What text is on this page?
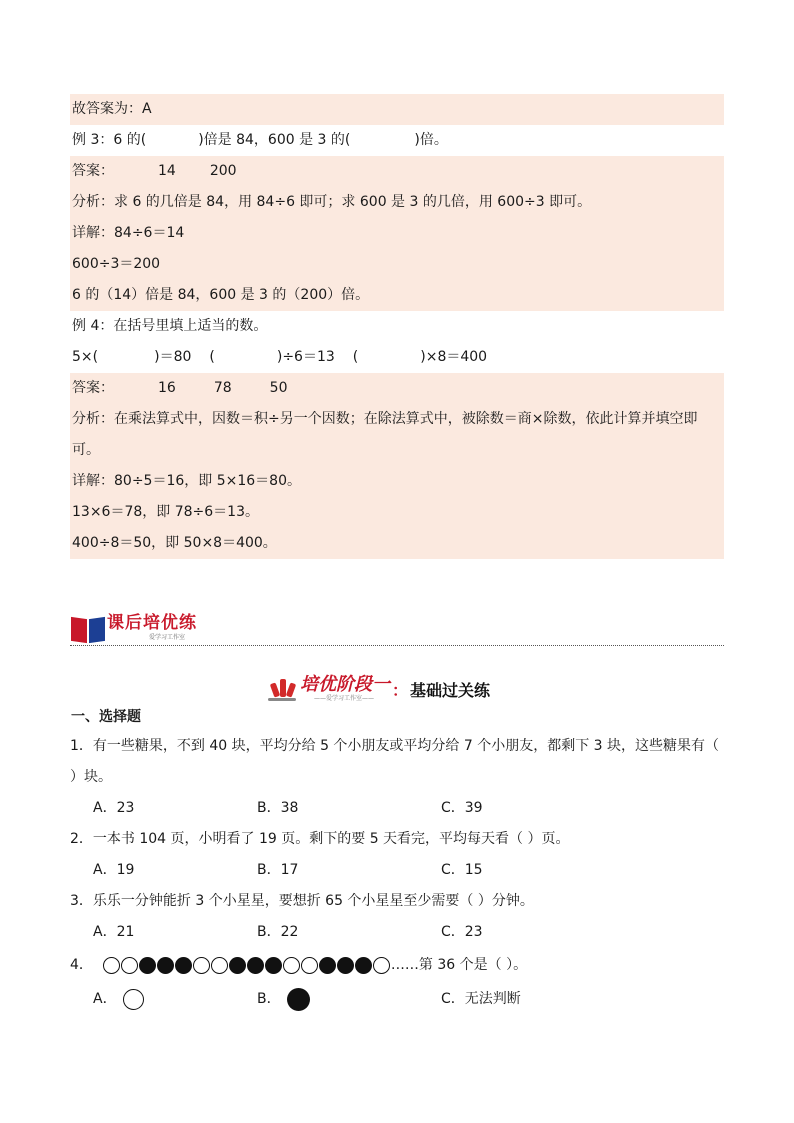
故答案为：A
例 3：6 的(	)倍是 84，600 是 3 的(	)倍。
答案：	14 200
分析：求 6 的几倍是 84，用 84÷6 即可；求 600 是 3 的几倍，用 600÷3 即可。
详解：84÷6＝14
600÷3＝200
6 的（14）倍是 84，600 是 3 的（200）倍。
例 4：在括号里填上适当的数。
5×(	)＝80 (	)÷6＝13 (	)×8＝400
答案：	16	78	50
分析：在乘法算式中，因数＝积÷另一个因数；在除法算式中，被除数＝商×除数，依此计算并填空即可。
详解：80÷5＝16，即 5×16＝80。
13×6＝78，即 78÷6＝13。
400÷8＝50，即 50×8＝400。
课后培优练
爱学习工作室
培优阶段一
——爱学习工作室——	： 基础过关练
一、选择题
1．有一些糖果，不到 40 块，平均分给 5 个小朋友或平均分给 7 个小朋友，都剩下 3 块，这些糖果有（ ）块。
A．23	B．38	C．39
2．一本书 104 页，小明看了 19 页。剩下的要 5 天看完，平均每天看（ ）页。
A．19	B．17	C．15
3．乐乐一分钟能折 3 个小星星，要想折 65 个小星星至少需要（ ）分钟。
A．21	B．22	C．23
4．	……第 36 个是（ ）。
A．	B．	C．无法判断
